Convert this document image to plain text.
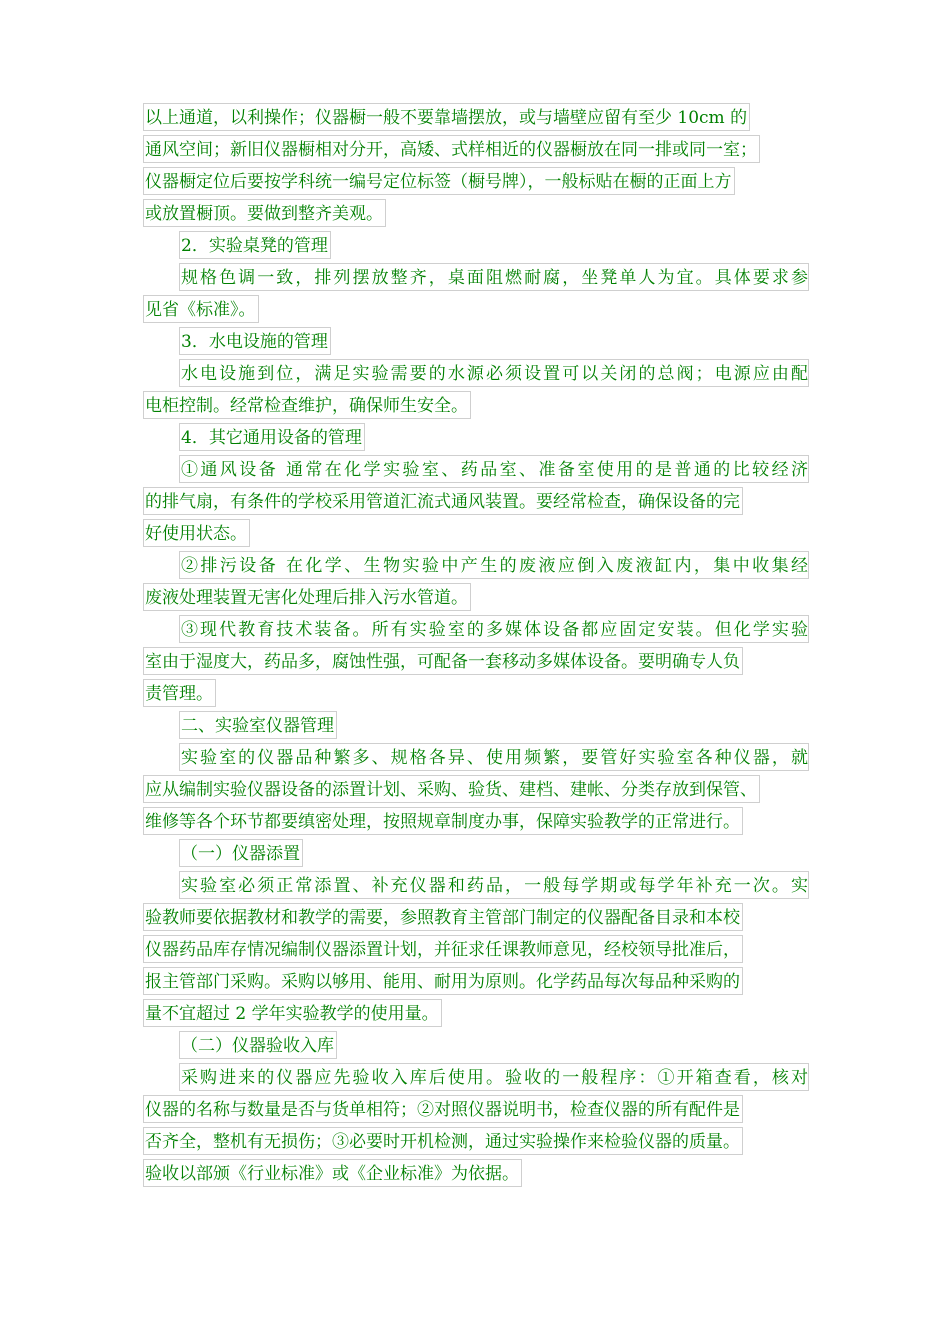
以上通道，以利操作；仪器橱一般不要靠墙摆放，或与墙壁应留有至少 10cm 的
通风空间；新旧仪器橱相对分开，高矮、式样相近的仪器橱放在同一排或同一室；
仪器橱定位后要按学科统一编号定位标签（橱号牌），一般标贴在橱的正面上方
或放置橱顶。要做到整齐美观。
2．实验桌凳的管理
规格色调一致，排列摆放整齐，桌面阻燃耐腐，坐凳单人为宜。具体要求参
见省《标准》。
3．水电设施的管理
水电设施到位，满足实验需要的水源必须设置可以关闭的总阀；电源应由配
电柜控制。经常检查维护，确保师生安全。
4．其它通用设备的管理
①通风设备 通常在化学实验室、药品室、准备室使用的是普通的比较经济
的排气扇，有条件的学校采用管道汇流式通风装置。要经常检查，确保设备的完
好使用状态。
②排污设备 在化学、生物实验中产生的废液应倒入废液缸内，集中收集经
废液处理装置无害化处理后排入污水管道。
③现代教育技术装备。所有实验室的多媒体设备都应固定安装。但化学实验
室由于湿度大，药品多，腐蚀性强，可配备一套移动多媒体设备。要明确专人负
责管理。
二、实验室仪器管理
实验室的仪器品种繁多、规格各异、使用频繁，要管好实验室各种仪器，就
应从编制实验仪器设备的添置计划、采购、验货、建档、建帐、分类存放到保管、
维修等各个环节都要缜密处理，按照规章制度办事，保障实验教学的正常进行。
（一）仪器添置
实验室必须正常添置、补充仪器和药品，一般每学期或每学年补充一次。实
验教师要依据教材和教学的需要，参照教育主管部门制定的仪器配备目录和本校
仪器药品库存情况编制仪器添置计划，并征求任课教师意见，经校领导批准后，
报主管部门采购。采购以够用、能用、耐用为原则。化学药品每次每品种采购的
量不宜超过 2 学年实验教学的使用量。
（二）仪器验收入库
采购进来的仪器应先验收入库后使用。验收的一般程序：①开箱查看，核对
仪器的名称与数量是否与货单相符；②对照仪器说明书，检查仪器的所有配件是
否齐全，整机有无损伤；③必要时开机检测，通过实验操作来检验仪器的质量。
验收以部颁《行业标准》或《企业标准》为依据。
